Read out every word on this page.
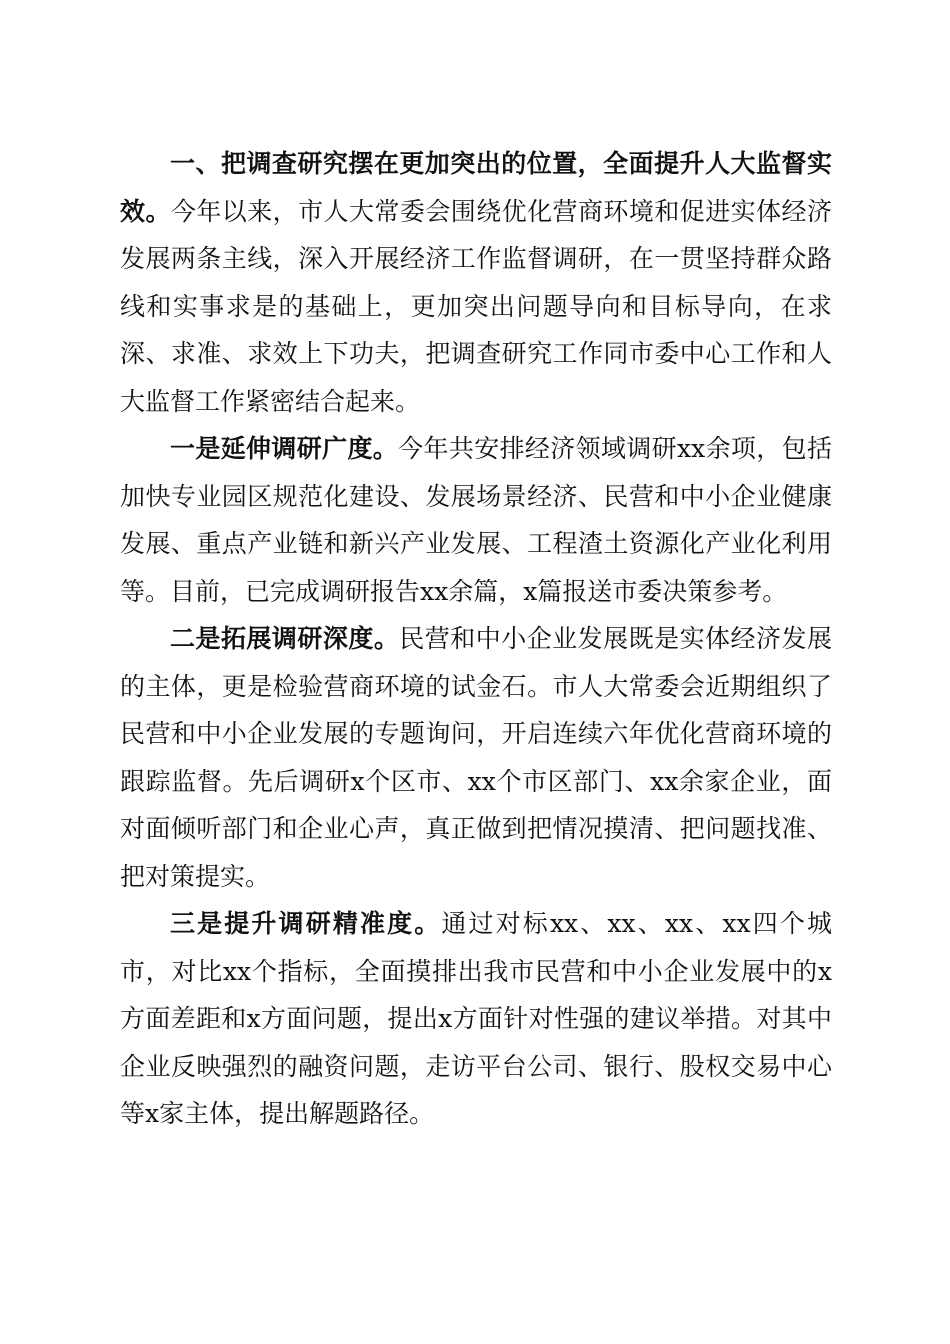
一、把调查研究摆在更加突出的位置，全面提升人大监督实效。今年以来，市人大常委会围绕优化营商环境和促进实体经济发展两条主线，深入开展经济工作监督调研，在一贯坚持群众路线和实事求是的基础上，更加突出问题导向和目标导向，在求深、求准、求效上下功夫，把调查研究工作同市委中心工作和人大监督工作紧密结合起来。

一是延伸调研广度。今年共安排经济领域调研xx余项，包括加快专业园区规范化建设、发展场景经济、民营和中小企业健康发展、重点产业链和新兴产业发展、工程渣土资源化产业化利用等。目前，已完成调研报告xx余篇，x篇报送市委决策参考。

二是拓展调研深度。民营和中小企业发展既是实体经济发展的主体，更是检验营商环境的试金石。市人大常委会近期组织了民营和中小企业发展的专题询问，开启连续六年优化营商环境的跟踪监督。先后调研x个区市、xx个市区部门、xx余家企业，面对面倾听部门和企业心声，真正做到把情况摸清、把问题找准、把对策提实。

三是提升调研精准度。通过对标xx、xx、xx、xx四个城市，对比xx个指标，全面摸排出我市民营和中小企业发展中的x方面差距和x方面问题，提出x方面针对性强的建议举措。对其中企业反映强烈的融资问题，走访平台公司、银行、股权交易中心等x家主体，提出解题路径。
